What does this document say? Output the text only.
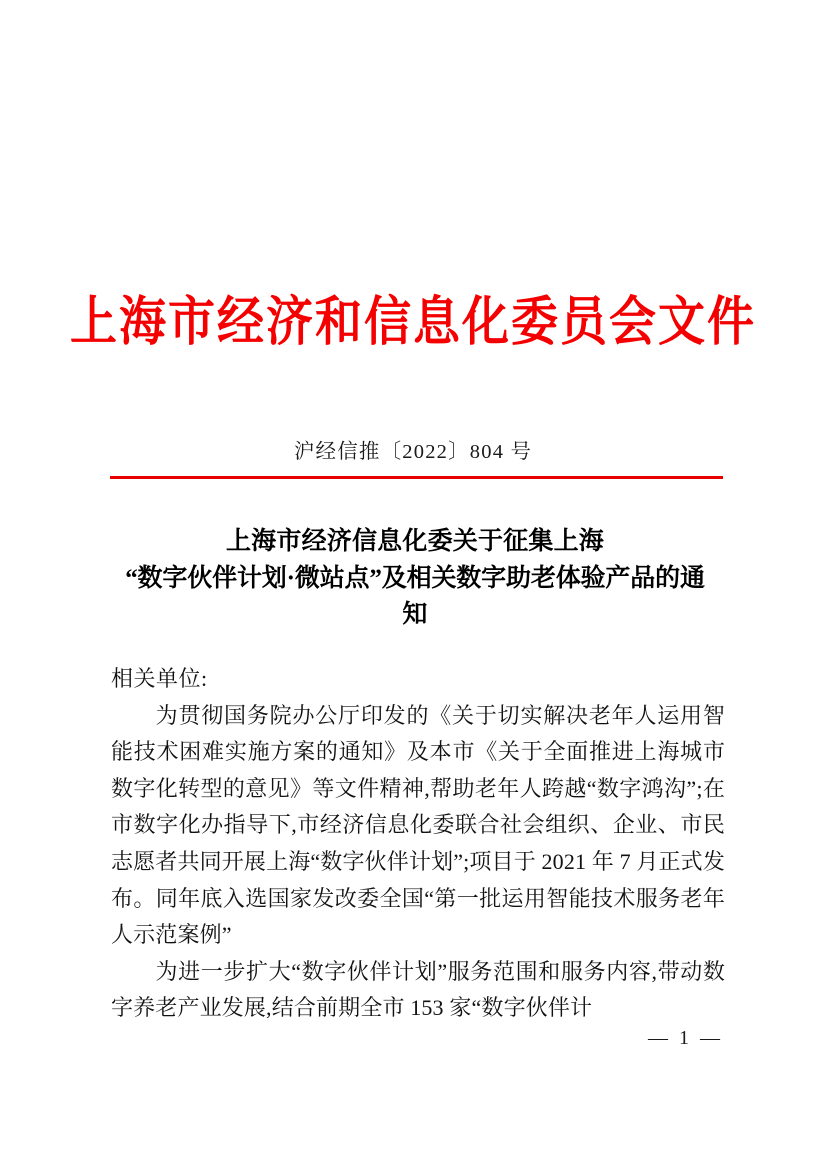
上海市经济和信息化委员会文件
沪经信推〔2022〕804 号
上海市经济信息化委关于征集上海
“数字伙伴计划·微站点”及相关数字助老体验产品的通
知

相关单位:

为贯彻国务院办公厅印发的《关于切实解决老年人运用智能技术困难实施方案的通知》及本市《关于全面推进上海城市数字化转型的意见》等文件精神,帮助老年人跨越“数字鸿沟”;在市数字化办指导下,市经济信息化委联合社会组织、企业、市民志愿者共同开展上海“数字伙伴计划”;项目于 2021 年 7 月正式发布。同年底入选国家发改委全国“第一批运用智能技术服务老年人示范案例”

为进一步扩大“数字伙伴计划”服务范围和服务内容,带动数字养老产业发展,结合前期全市 153 家“数字伙伴计

— 1 —
